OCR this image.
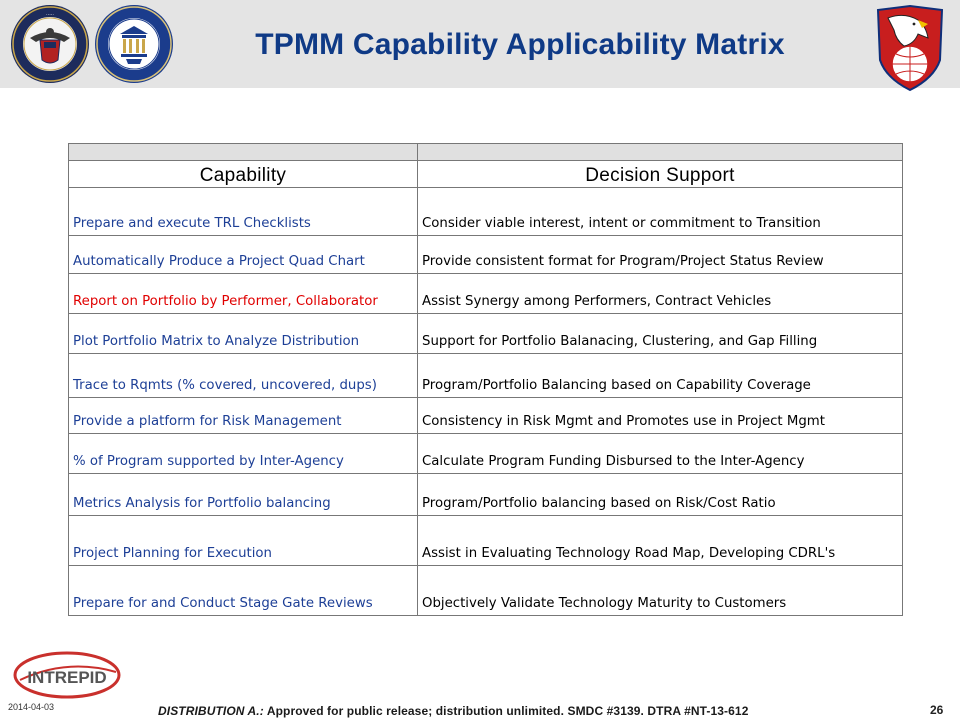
·····
TPMM Capability Applicability Matrix

Capability	Decision Support
Prepare and execute TRL Checklists	Consider viable interest, intent or commitment to Transition
Automatically Produce a Project Quad Chart	Provide consistent format for Program/Project Status Review
Report on Portfolio by Performer, Collaborator	Assist Synergy among Performers, Contract Vehicles
Plot Portfolio Matrix to Analyze Distribution	Support for Portfolio Balanacing, Clustering, and Gap Filling
Trace to Rqmts (% covered, uncovered, dups)	Program/Portfolio Balancing based on Capability Coverage
Provide a platform for Risk Management	Consistency in Risk Mgmt and Promotes use in Project Mgmt
% of Program supported by Inter-Agency	Calculate Program Funding Disbursed to the Inter-Agency
Metrics Analysis for Portfolio balancing	Program/Portfolio balancing based on Risk/Cost Ratio
Project Planning for Execution	Assist in Evaluating Technology Road Map, Developing CDRL's
Prepare for and Conduct Stage Gate Reviews	Objectively Validate Technology Maturity to Customers
INTREPID
2014-04-03	DISTRIBUTION A.: Approved for public release; distribution unlimited. SMDC #3139. DTRA #NT-13-612	26
